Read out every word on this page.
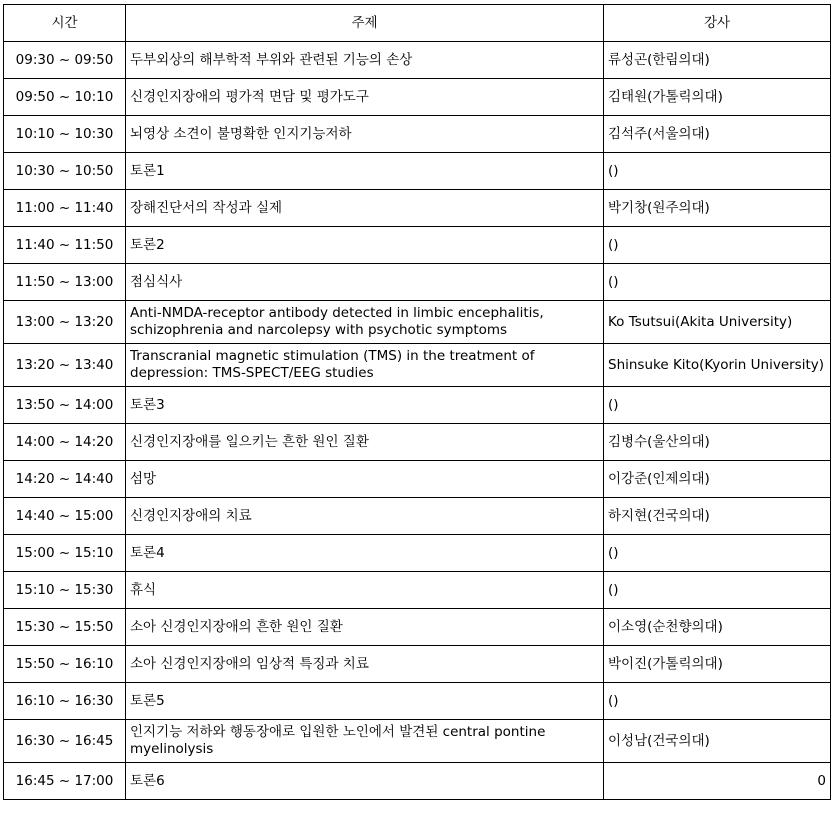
시간	주제	강사
09:30 ~ 09:50	두부외상의 해부학적 부위와 관련된 기능의 손상	류성곤(한림의대)
09:50 ~ 10:10	신경인지장애의 평가적 면담 및 평가도구	김태원(가톨릭의대)
10:10 ~ 10:30	뇌영상 소견이 불명확한 인지기능저하	김석주(서울의대)
10:30 ~ 10:50	토론1	()
11:00 ~ 11:40	장해진단서의 작성과 실제	박기창(원주의대)
11:40 ~ 11:50	토론2	()
11:50 ~ 13:00	점심식사	()
13:00 ~ 13:20	Anti-NMDA-receptor antibody detected in limbic encephalitis, schizophrenia and narcolepsy with psychotic symptoms	Ko Tsutsui(Akita University)
13:20 ~ 13:40	Transcranial magnetic stimulation (TMS) in the treatment of depression: TMS-SPECT/EEG studies	Shinsuke Kito(Kyorin University)
13:50 ~ 14:00	토론3	()
14:00 ~ 14:20	신경인지장애를 일으키는 흔한 원인 질환	김병수(울산의대)
14:20 ~ 14:40	섬망	이강준(인제의대)
14:40 ~ 15:00	신경인지장애의 치료	하지현(건국의대)
15:00 ~ 15:10	토론4	()
15:10 ~ 15:30	휴식	()
15:30 ~ 15:50	소아 신경인지장애의 흔한 원인 질환	이소영(순천향의대)
15:50 ~ 16:10	소아 신경인지장애의 임상적 특징과 치료	박이진(가톨릭의대)
16:10 ~ 16:30	토론5	()
16:30 ~ 16:45	인지기능 저하와 행동장애로 입원한 노인에서 발견된 central pontine myelinolysis	이성남(건국의대)
16:45 ~ 17:00	토론6	0
